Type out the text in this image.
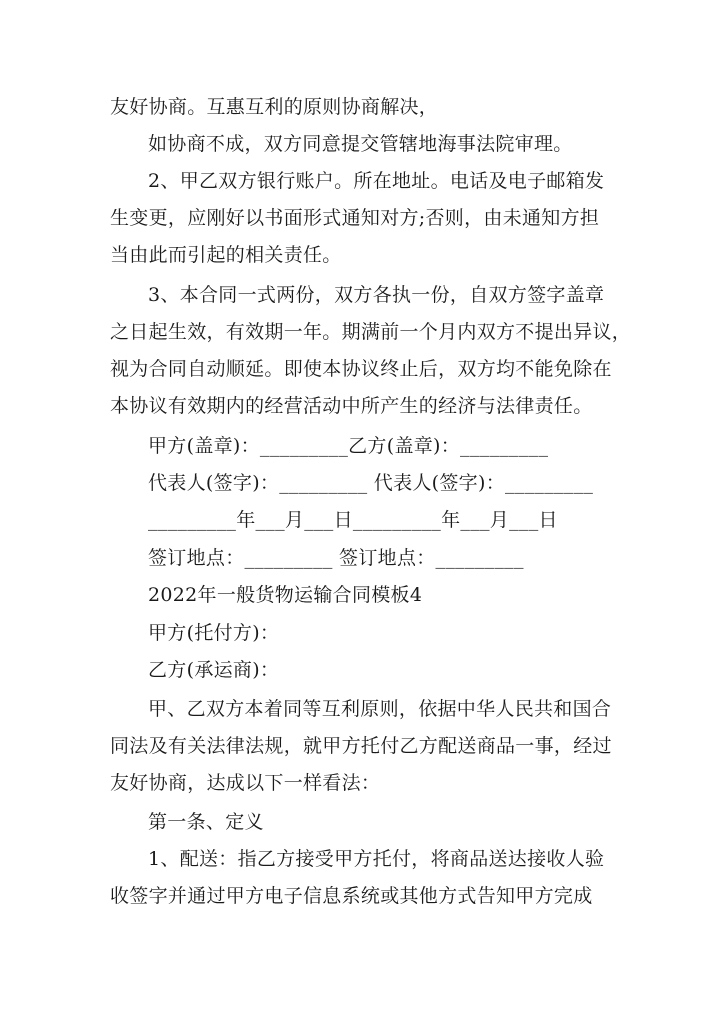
友好协商。互惠互利的原则协商解决，
如协商不成，双方同意提交管辖地海事法院审理。
2、甲乙双方银行账户。所在地址。电话及电子邮箱发
生变更，应刚好以书面形式通知对方;否则，由未通知方担
当由此而引起的相关责任。
3、本合同一式两份，双方各执一份，自双方签字盖章
之日起生效，有效期一年。期满前一个月内双方不提出异议，
视为合同自动顺延。即使本协议终止后，双方均不能免除在
本协议有效期内的经营活动中所产生的经济与法律责任。
甲方(盖章)：_________乙方(盖章)：_________
代表人(签字)：_________ 代表人(签字)：_________
_________年___月___日_________年___月___日
签订地点：_________ 签订地点：_________
2022年一般货物运输合同模板4
甲方(托付方)：
乙方(承运商)：
甲、乙双方本着同等互利原则，依据中华人民共和国合
同法及有关法律法规，就甲方托付乙方配送商品一事，经过
友好协商，达成以下一样看法：
第一条、定义
1、配送：指乙方接受甲方托付，将商品送达接收人验
收签字并通过甲方电子信息系统或其他方式告知甲方完成
